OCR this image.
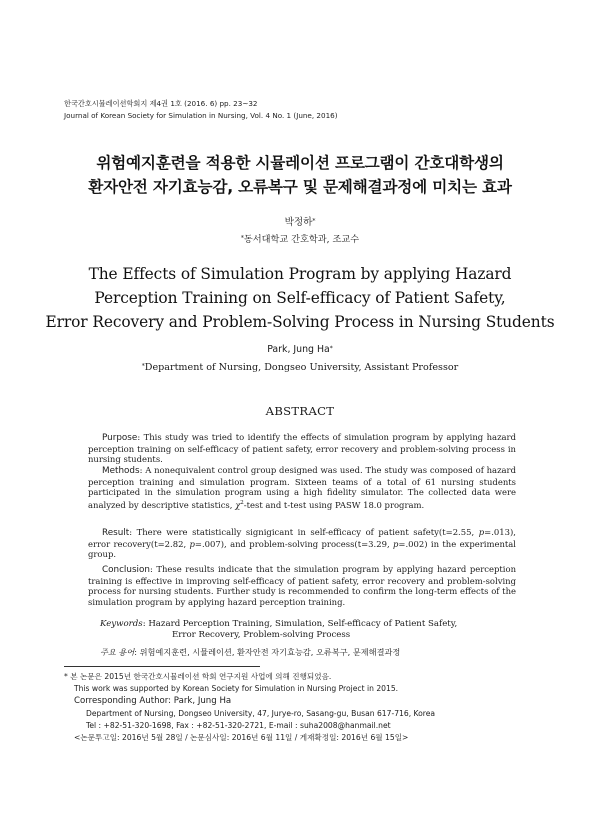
한국간호시뮬레이션학회지 제4권 1호 (2016. 6) pp. 23~32
Journal of Korean Society for Simulation in Nursing, Vol. 4 No. 1 (June, 2016)
위험예지훈련을 적용한 시뮬레이션 프로그램이 간호대학생의
환자안전 자기효능감, 오류복구 및 문제해결과정에 미치는 효과
박정하*
*동서대학교 간호학과, 조교수
The Effects of Simulation Program by applying Hazard
Perception Training on Self-efficacy of Patient Safety,
Error Recovery and Problem-Solving Process in Nursing Students
Park, Jung Ha*
*Department of Nursing, Dongseo University, Assistant Professor
ABSTRACT
Purpose: This study was tried to identify the effects of simulation program by applying hazard perception training on self-efficacy of patient safety, error recovery and problem-solving process in nursing students.
Methods: A nonequivalent control group designed was used. The study was composed of hazard perception training and simulation program. Sixteen teams of a total of 61 nursing students participated in the simulation program using a high fidelity simulator. The collected data were analyzed by descriptive statistics, $\chi^2$-test and t-test using PASW 18.0 program.
Result: There were statistically signigicant in self-efficacy of patient safety(t=2.55, p=.013), error recovery(t=2.82, p=.007), and problem-solving process(t=3.29, p=.002) in the experimental group.
Conclusion: These results indicate that the simulation program by applying hazard perception training is effective in improving self-efficacy of patient safety, error recovery and problem-solving process for nursing students. Further study is recommended to confirm the long-term effects of the simulation program by applying hazard perception training.
Keywords: Hazard Perception Training, Simulation, Self-efficacy of Patient Safety,
Error Recovery, Problem-solving Process
주요 용어: 위험예지훈련, 시뮬레이션, 환자안전 자기효능감, 오류복구, 문제해결과정
* 본 논문은 2015년 한국간호시뮬레이션 학회 연구지원 사업에 의해 진행되었음.
This work was supported by Korean Society for Simulation in Nursing Project in 2015.
Corresponding Author: Park, Jung Ha
Department of Nursing, Dongseo University, 47, Jurye-ro, Sasang-gu, Busan 617-716, Korea
Tel : +82-51-320-1698, Fax : +82-51-320-2721, E-mail : suha2008@hanmail.net
<논문투고일: 2016년 5월 28일 / 논문심사일: 2016년 6월 11일 / 게재확정일: 2016년 6월 15일>
